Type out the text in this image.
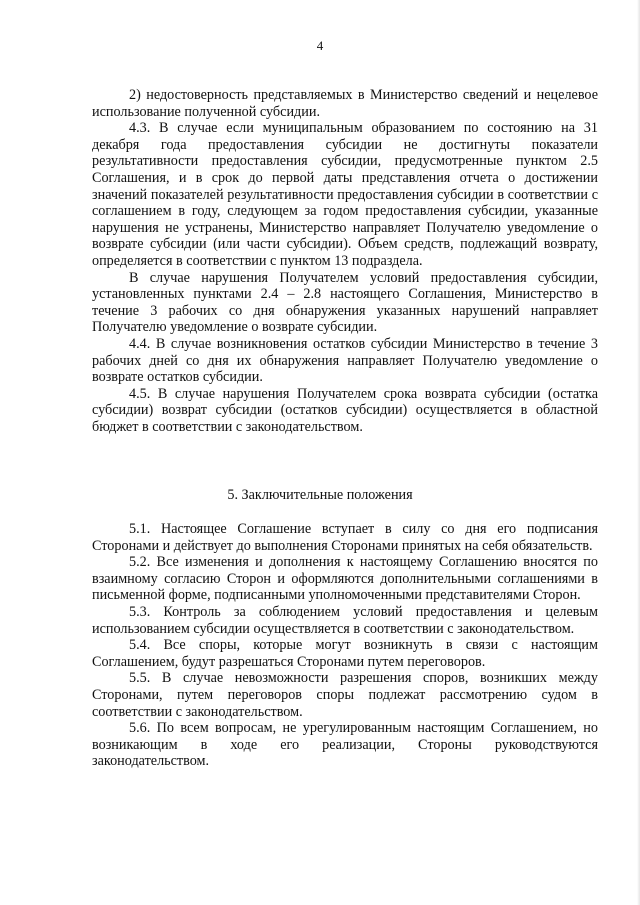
4

2) недостоверность представляемых в Министерство сведений и нецелевое использование полученной субсидии.

4.3. В случае если муниципальным образованием по состоянию на 31 декабря года предоставления субсидии не достигнуты показатели результативности предоставления субсидии, предусмотренные пунктом 2.5 Соглашения, и в срок до первой даты представления отчета о достижении значений показателей результативности предоставления субсидии в соответствии с соглашением в году, следующем за годом предоставления субсидии, указанные нарушения не устранены, Министерство направляет Получателю уведомление о возврате субсидии (или части субсидии). Объем средств, подлежащий возврату, определяется в соответствии с пунктом 13 подраздела.

В случае нарушения Получателем условий предоставления субсидии, установленных пунктами 2.4 – 2.8 настоящего Соглашения, Министерство в течение 3 рабочих со дня обнаружения указанных нарушений направляет Получателю уведомление о возврате субсидии.

4.4. В случае возникновения остатков субсидии Министерство в течение 3 рабочих дней со дня их обнаружения направляет Получателю уведомление о возврате остатков субсидии.

4.5. В случае нарушения Получателем срока возврата субсидии (остатка субсидии) возврат субсидии (остатков субсидии) осуществляется в областной бюджет в соответствии с законодательством.

5. Заключительные положения

5.1. Настоящее Соглашение вступает в силу со дня его подписания Сторонами и действует до выполнения Сторонами принятых на себя обязательств.

5.2. Все изменения и дополнения к настоящему Соглашению вносятся по взаимному согласию Сторон и оформляются дополнительными соглашениями в письменной форме, подписанными уполномоченными представителями Сторон.

5.3. Контроль за соблюдением условий предоставления и целевым использованием субсидии осуществляется в соответствии с законодательством.

5.4. Все споры, которые могут возникнуть в связи с настоящим Соглашением, будут разрешаться Сторонами путем переговоров.

5.5. В случае невозможности разрешения споров, возникших между Сторонами, путем переговоров споры подлежат рассмотрению судом в соответствии с законодательством.

5.6. По всем вопросам, не урегулированным настоящим Соглашением, но возникающим в ходе его реализации, Стороны руководствуются законодательством.
